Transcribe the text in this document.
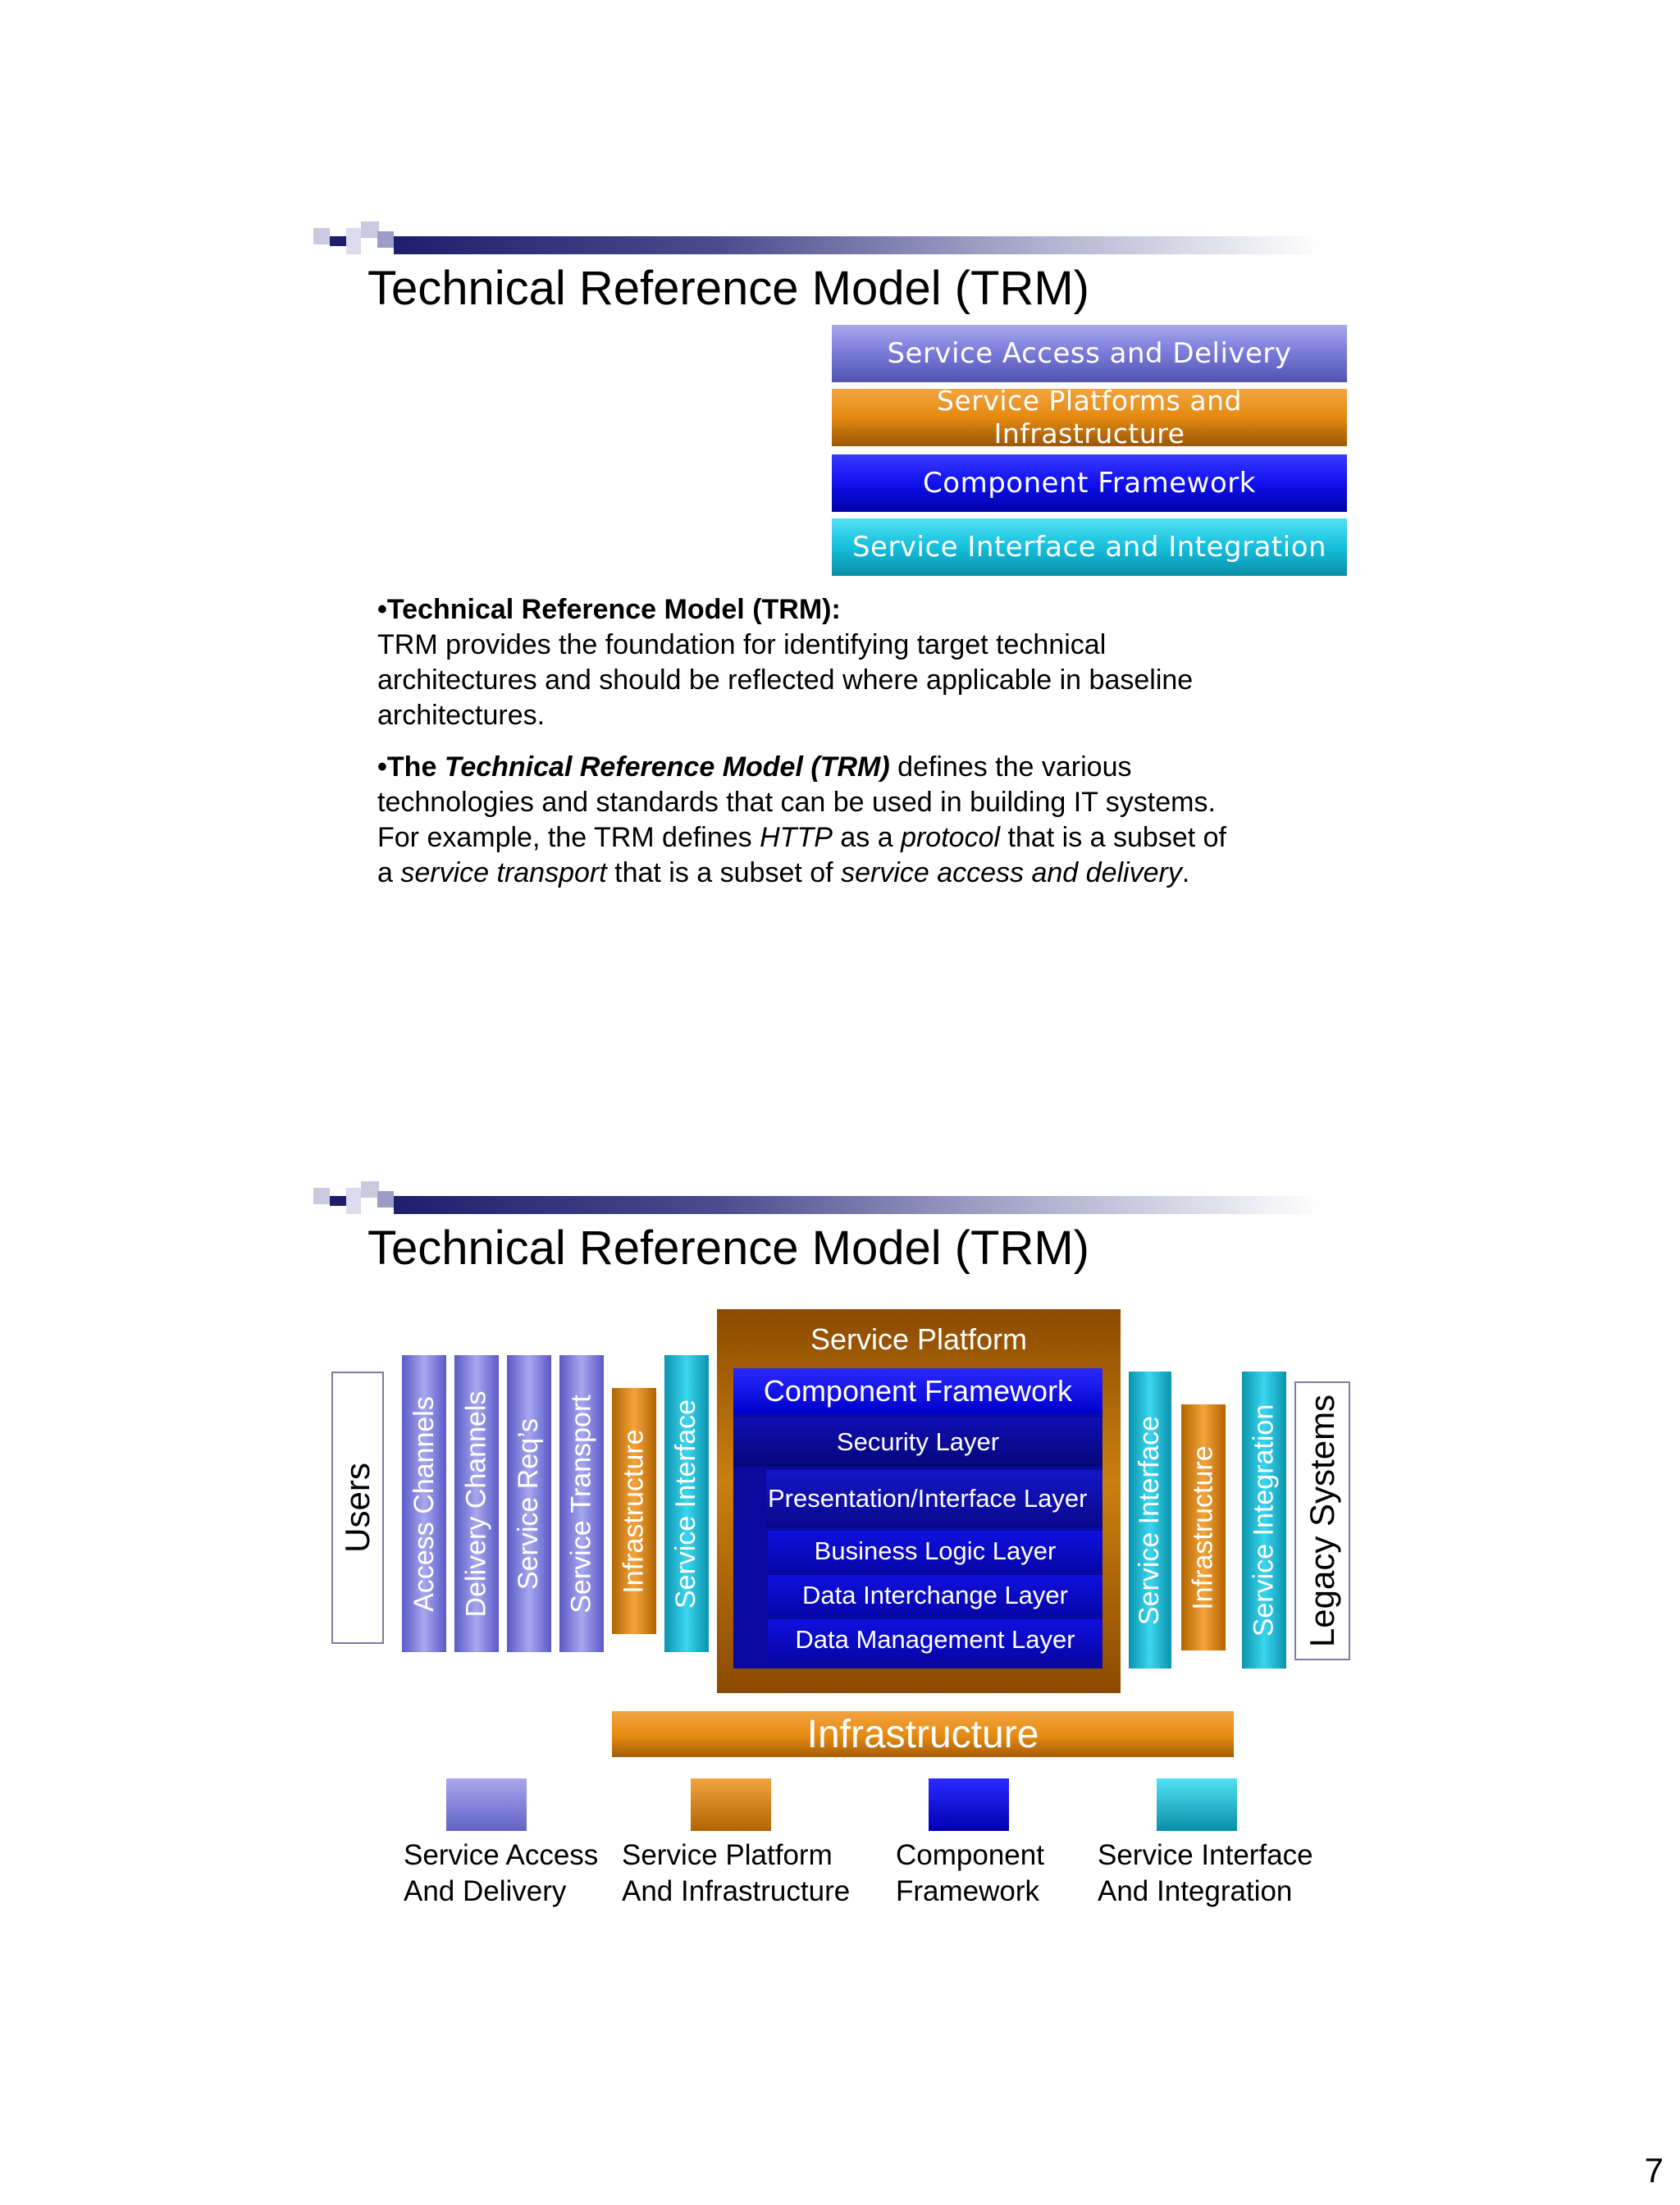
Technical Reference Model (TRM)
Service Access and Delivery
Service Platforms and Infrastructure
Component Framework
Service Interface and Integration
•Technical Reference Model (TRM):
TRM provides the foundation for identifying target technical architectures and should be reflected where applicable in baseline architectures.
•The Technical Reference Model (TRM) defines the various technologies and standards that can be used in building IT systems. For example, the TRM defines HTTP as a protocol that is a subset of a service transport that is a subset of service access and delivery.
Technical Reference Model (TRM)
Users Access Channels Delivery Channels Service Req’s Service Transport Infrastructure Service Interface
Service Platform
Component Framework
Security Layer
Presentation/Interface Layer
Business Logic Layer
Data Interchange Layer
Data Management Layer
Service Interface Infrastructure Service Integration Legacy Systems
Infrastructure
Service Access
And Delivery
Service Platform
And Infrastructure
Component
Framework
Service Interface
And Integration
7
